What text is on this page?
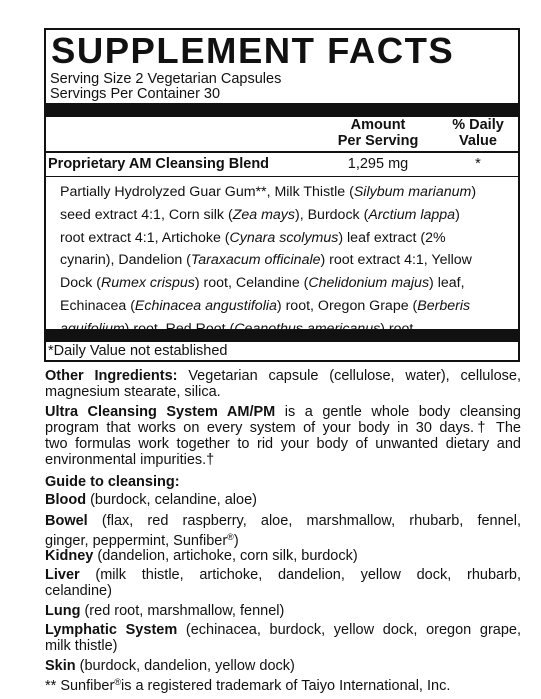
SUPPLEMENT FACTS
Serving Size 2 Vegetarian Capsules
Servings Per Container 30
Amount
Per Serving
% Daily
Value
Proprietary AM Cleansing Blend	1,295 mg	*
Partially Hydrolyzed Guar Gum**, Milk Thistle (Silybum marianum)
seed extract 4:1, Corn silk (Zea mays), Burdock (Arctium lappa)
root extract 4:1, Artichoke (Cynara scolymus) leaf extract (2%
cynarin), Dandelion (Taraxacum officinale) root extract 4:1, Yellow
Dock (Rumex crispus) root, Celandine (Chelidonium majus) leaf,
Echinacea (Echinacea angustifolia) root, Oregon Grape (Berberis
*Daily Value not established
Other Ingredients: Vegetarian capsule (cellulose, water), cellulose,
magnesium stearate, silica.
Ultra Cleansing System AM/PM is a gentle whole body cleansing
program that works on every system of your body in 30 days.† The
two formulas work together to rid your body of unwanted dietary and
environmental impurities.†
Guide to cleansing:
Blood (burdock, celandine, aloe)
Bowel (flax, red raspberry, aloe, marshmallow, rhubarb, fennel,
ginger, peppermint, Sunfiber®)
Kidney (dandelion, artichoke, corn silk, burdock)
Liver (milk thistle, artichoke, dandelion, yellow dock, rhubarb,
celandine)
Lung (red root, marshmallow, fennel)
Lymphatic System (echinacea, burdock, yellow dock, oregon grape,
milk thistle)
Skin (burdock, dandelion, yellow dock)
** Sunfiber®is a registered trademark of Taiyo International, Inc.
